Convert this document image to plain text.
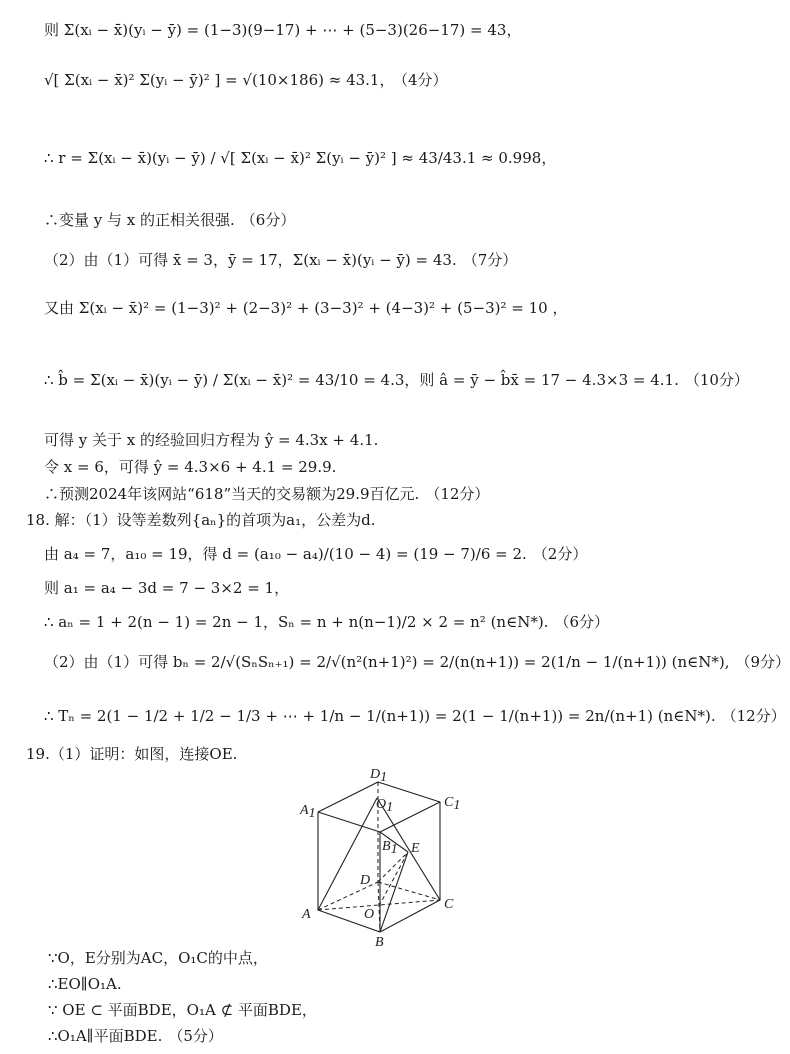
则 Σ(xᵢ − x̄)(yᵢ − ȳ) = (1−3)(9−17) + ⋯ + (5−3)(26−17) = 43，
√[ Σ(xᵢ − x̄)² Σ(yᵢ − ȳ)² ] = √(10×186) ≈ 43.1， （4分）
∴ r = Σ(xᵢ − x̄)(yᵢ − ȳ) / √[ Σ(xᵢ − x̄)² Σ(yᵢ − ȳ)² ] ≈ 43/43.1 ≈ 0.998，
∴变量 y 与 x 的正相关很强. （6分）
（2）由（1）可得 x̄ = 3，ȳ = 17，Σ(xᵢ − x̄)(yᵢ − ȳ) = 43. （7分）
又由 Σ(xᵢ − x̄)² = (1−3)² + (2−3)² + (3−3)² + (4−3)² + (5−3)² = 10 ，
∴ b̂ = Σ(xᵢ − x̄)(yᵢ − ȳ) / Σ(xᵢ − x̄)² = 43/10 = 4.3，则 â = ȳ − b̂x̄ = 17 − 4.3×3 = 4.1. （10分）
可得 y 关于 x 的经验回归方程为 ŷ = 4.3x + 4.1.
令 x = 6，可得 ŷ = 4.3×6 + 4.1 = 29.9.
∴预测2024年该网站“618”当天的交易额为29.9百亿元. （12分）
18. 解：（1）设等差数列{aₙ}的首项为a₁，公差为d.
由 a₄ = 7，a₁₀ = 19，得 d = (a₁₀ − a₄)/(10 − 4) = (19 − 7)/6 = 2. （2分）
则 a₁ = a₄ − 3d = 7 − 3×2 = 1，
∴ aₙ = 1 + 2(n − 1) = 2n − 1，Sₙ = n + n(n−1)/2 × 2 = n² (n∈N*). （6分）
（2）由（1）可得 bₙ = 2/√(SₙSₙ₊₁) = 2/√(n²(n+1)²) = 2/(n(n+1)) = 2(1/n − 1/(n+1)) (n∈N*), （9分）
∴ Tₙ = 2(1 − 1/2 + 1/2 − 1/3 + ⋯ + 1/n − 1/(n+1)) = 2(1 − 1/(n+1)) = 2n/(n+1) (n∈N*). （12分）
19.（1）证明：如图，连接OE.
D1
O1	C1
A1
B1 E
D
O
C
A
B
∵O，E分别为AC，O₁C的中点，
∴EO∥O₁A.
∵ OE ⊂ 平面BDE，O₁A ⊄ 平面BDE，
∴O₁A∥平面BDE. （5分）
